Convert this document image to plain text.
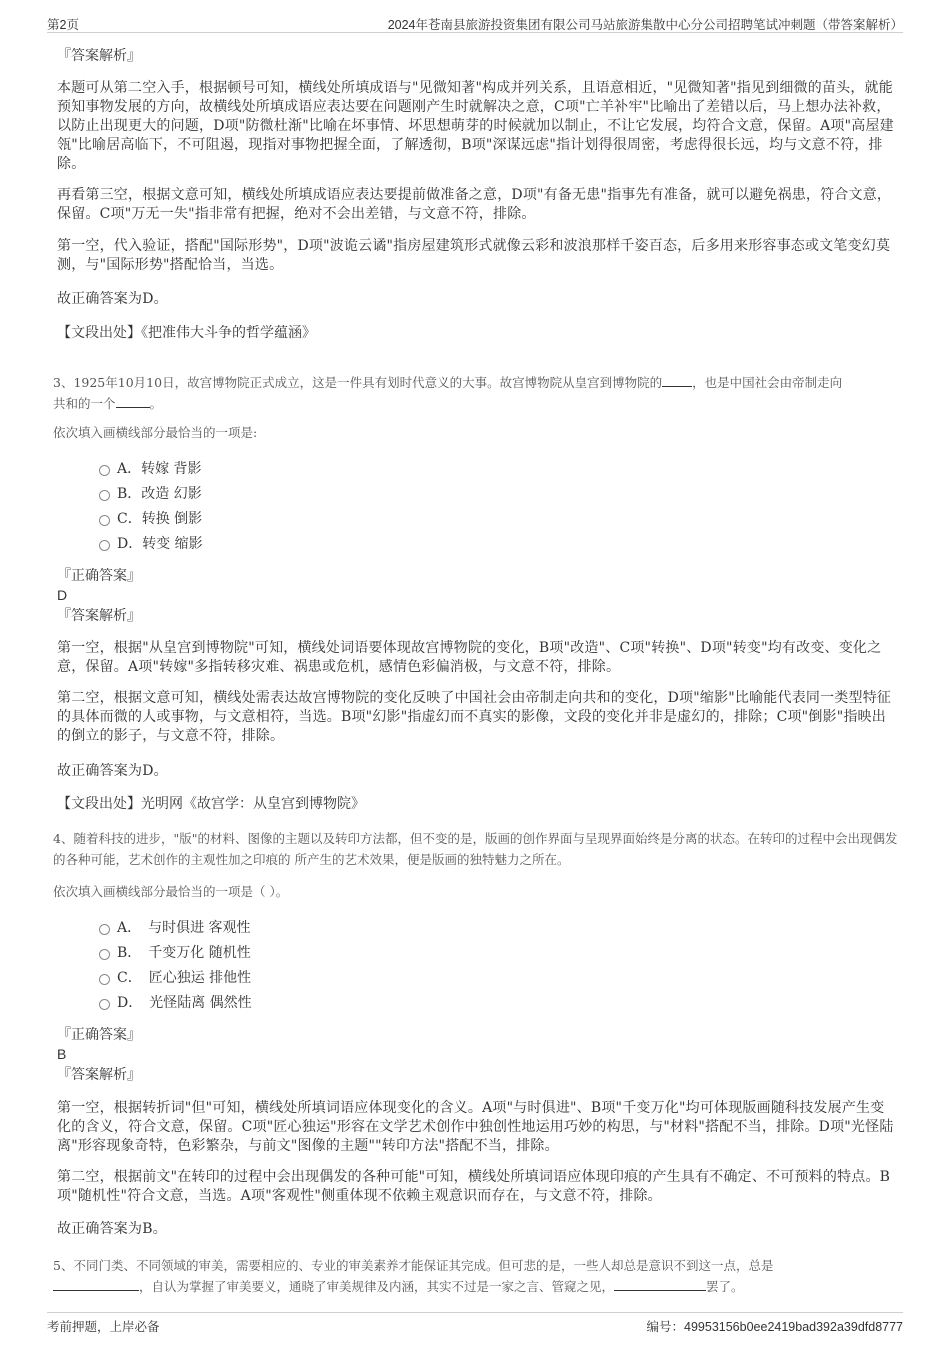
第2页	2024年苍南县旅游投资集团有限公司马站旅游集散中心分公司招聘笔试冲刺题（带答案解析）

『答案解析』

本题可从第二空入手，根据顿号可知，横线处所填成语与"见微知著"构成并列关系，且语意相近，"见微知著"指见到细微的苗头，就能预知事物发展的方向，故横线处所填成语应表达要在问题刚产生时就解决之意，C项"亡羊补牢"比喻出了差错以后，马上想办法补救，以防止出现更大的问题，D项"防微杜渐"比喻在坏事情、坏思想萌芽的时候就加以制止，不让它发展，均符合文意，保留。A项"高屋建瓴"比喻居高临下，不可阻遏，现指对事物把握全面，了解透彻，B项"深谋远虑"指计划得很周密，考虑得很长远，均与文意不符，排除。

再看第三空，根据文意可知，横线处所填成语应表达要提前做准备之意，D项"有备无患"指事先有准备，就可以避免祸患，符合文意，保留。C项"万无一失"指非常有把握，绝对不会出差错，与文意不符，排除。

第一空，代入验证，搭配"国际形势"，D项"波诡云谲"指房屋建筑形式就像云彩和波浪那样千姿百态，后多用来形容事态或文笔变幻莫测，与"国际形势"搭配恰当，当选。

故正确答案为D。

【文段出处】《把准伟大斗争的哲学蕴涵》

3、1925年10月10日，故宫博物院正式成立，这是一件具有划时代意义的大事。故宫博物院从皇宫到博物院的 ，也是中国社会由帝制走向
共和的一个	。

依次填入画横线部分最恰当的一项是:

A．转嫁 背影
B．改造 幻影
C．转换 倒影
D．转变 缩影

『正确答案』

D

『答案解析』

第一空，根据"从皇宫到博物院"可知，横线处词语要体现故宫博物院的变化，B项"改造"、C项"转换"、D项"转变"均有改变、变化之意，保留。A项"转嫁"多指转移灾难、祸患或危机，感情色彩偏消极，与文意不符，排除。

第二空，根据文意可知，横线处需表达故宫博物院的变化反映了中国社会由帝制走向共和的变化，D项"缩影"比喻能代表同一类型特征的具体而微的人或事物，与文意相符，当选。B项"幻影"指虚幻而不真实的影像，文段的变化并非是虚幻的，排除；C项"倒影"指映出的倒立的影子，与文意不符，排除。

故正确答案为D。

【文段出处】光明网《故宫学：从皇宫到博物院》

4、随着科技的进步，"版"的材料、图像的主题以及转印方法都，但不变的是，版画的创作界面与呈现界面始终是分离的状态。在转印的过程中会出现偶发的各种可能，艺术创作的主观性加之印痕的 所产生的艺术效果，便是版画的独特魅力之所在。

依次填入画横线部分最恰当的一项是（ ）。

A．　与时俱进 客观性
B．　千变万化 随机性
C．　匠心独运 排他性
D．　光怪陆离 偶然性

『正确答案』

B

『答案解析』

第一空，根据转折词"但"可知，横线处所填词语应体现变化的含义。A项"与时俱进"、B项"千变万化"均可体现版画随科技发展产生变化的含义，符合文意，保留。C项"匠心独运"形容在文学艺术创作中独创性地运用巧妙的构思，与"材料"搭配不当，排除。D项"光怪陆离"形容现象奇特，色彩繁杂，与前文"图像的主题""转印方法"搭配不当，排除。

第二空，根据前文"在转印的过程中会出现偶发的各种可能"可知，横线处所填词语应体现印痕的产生具有不确定、不可预料的特点。B项"随机性"符合文意，当选。A项"客观性"侧重体现不依赖主观意识而存在，与文意不符，排除。

故正确答案为B。

5、不同门类、不同领域的审美，需要相应的、专业的审美素养才能保证其完成。但可悲的是，一些人却总是意识不到这一点，总是
，自认为掌握了审美要义，通晓了审美规律及内涵，其实不过是一家之言、管窥之见，	罢了。

考前押题，上岸必备	编号：49953156b0ee2419bad392a39dfd8777
